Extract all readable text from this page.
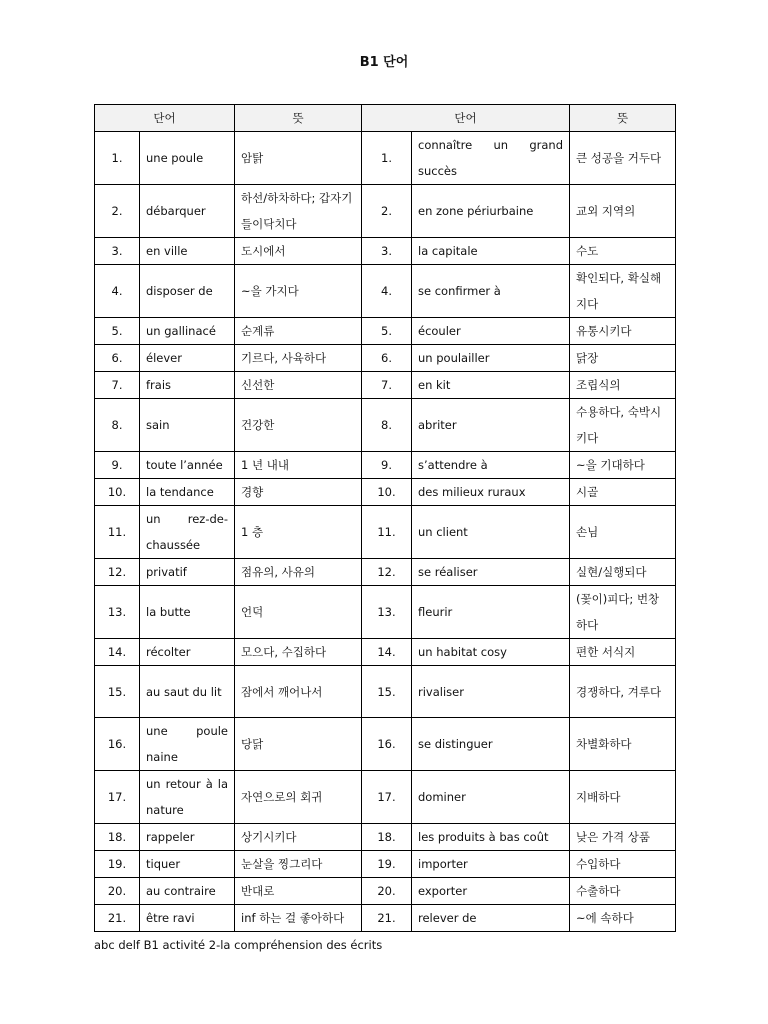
B1 단어
단어		뜻	단어		뜻
1.	une poule	암탉	1.	connaître un grand succès	큰 성공을 거두다
2.	débarquer	하선/하차하다; 갑자기 들이닥치다	2.	en zone périurbaine	교외 지역의
3.	en ville	도시에서	3.	la capitale	수도
4.	disposer de	~을 가지다	4.	se confirmer à	확인되다, 확실해지다
5.	un gallinacé	순계류	5.	écouler	유통시키다
6.	élever	기르다, 사육하다	6.	un poulailler	닭장
7.	frais	신선한	7.	en kit	조립식의
8.	sain	건강한	8.	abriter	수용하다, 숙박시키다
9.	toute l’année	1 년 내내	9.	s’attendre à	~을 기대하다
10.	la tendance	경향	10.	des milieux ruraux	시골
11.	un rez-de-chaussée	1 층	11.	un client	손님
12.	privatif	점유의, 사유의	12.	se réaliser	실현/실행되다
13.	la butte	언덕	13.	fleurir	(꽃이)피다; 번창하다
14.	récolter	모으다, 수집하다	14.	un habitat cosy	편한 서식지
15.	au saut du lit	잠에서 깨어나서	15.	rivaliser	경쟁하다, 겨루다
16.	une poule naine	당닭	16.	se distinguer	차별화하다
17.	un retour à la nature	자연으로의 회귀	17.	dominer	지배하다
18.	rappeler	상기시키다	18.	les produits à bas coût	낮은 가격 상품
19.	tiquer	눈살을 찡그리다	19.	importer	수입하다
20.	au contraire	반대로	20.	exporter	수출하다
21.	être ravi	inf 하는 걸 좋아하다	21.	relever de	~에 속하다
abc delf B1 activité 2-la compréhension des écrits
